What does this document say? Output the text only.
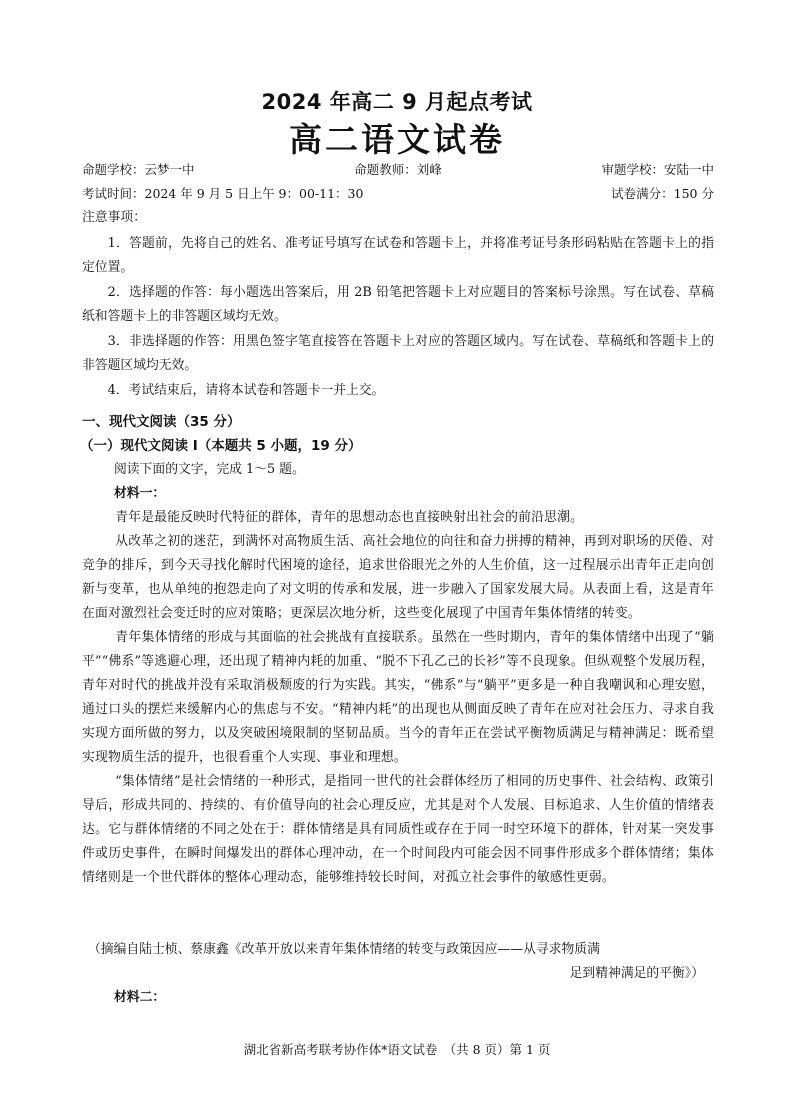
2024 年高二 9 月起点考试
高二语文试卷
命题学校：云梦一中	命题教师：刘峰	审题学校：安陆一中
考试时间：2024 年 9 月 5 日上午 9：00-11：30	试卷满分：150 分
注意事项：

1．答题前，先将自己的姓名、准考证号填写在试卷和答题卡上，并将准考证号条形码粘贴在答题卡上的指定位置。

2．选择题的作答：每小题选出答案后，用 2B 铅笔把答题卡上对应题目的答案标号涂黑。写在试卷、草稿纸和答题卡上的非答题区域均无效。

3．非选择题的作答：用黑色签字笔直接答在答题卡上对应的答题区域内。写在试卷、草稿纸和答题卡上的非答题区域均无效。

4．考试结束后，请将本试卷和答题卡一并上交。

一、现代文阅读（35 分）
（一）现代文阅读 I（本题共 5 小题，19 分）
阅读下面的文字，完成 1～5 题。
材料一：

青年是最能反映时代特征的群体，青年的思想动态也直接映射出社会的前沿思潮。

从改革之初的迷茫，到满怀对高物质生活、高社会地位的向往和奋力拼搏的精神，再到对职场的厌倦、对竞争的排斥，到今天寻找化解时代困境的途径，追求世俗眼光之外的人生价值，这一过程展示出青年正走向创新与变革，也从单纯的抱怨走向了对文明的传承和发展，进一步融入了国家发展大局。从表面上看，这是青年在面对激烈社会变迁时的应对策略；更深层次地分析，这些变化展现了中国青年集体情绪的转变。

青年集体情绪的形成与其面临的社会挑战有直接联系。虽然在一些时期内，青年的集体情绪中出现了“躺平”“佛系”等逃避心理，还出现了精神内耗的加重、“脱不下孔乙己的长衫”等不良现象。但纵观整个发展历程，青年对时代的挑战并没有采取消极颓废的行为实践。其实，“佛系”与“躺平”更多是一种自我嘲讽和心理安慰，通过口头的摆烂来缓解内心的焦虑与不安。“精神内耗”的出现也从侧面反映了青年在应对社会压力、寻求自我实现方面所做的努力，以及突破困境限制的坚韧品质。当今的青年正在尝试平衡物质满足与精神满足：既希望实现物质生活的提升，也很看重个人实现、事业和理想。

“集体情绪”是社会情绪的一种形式，是指同一世代的社会群体经历了相同的历史事件、社会结构、政策引导后，形成共同的、持续的、有价值导向的社会心理反应，尤其是对个人发展、目标追求、人生价值的情绪表达。它与群体情绪的不同之处在于：群体情绪是具有同质性或存在于同一时空环境下的群体，针对某一突发事件或历史事件，在瞬时间爆发出的群体心理冲动，在一个时间段内可能会因不同事件形成多个群体情绪；集体情绪则是一个世代群体的整体心理动态，能够维持较长时间，对孤立社会事件的敏感性更弱。

（摘编自陆士桢、蔡康鑫《改革开放以来青年集体情绪的转变与政策因应——从寻求物质满
足到精神满足的平衡》）
材料二：
湖北省新高考联考协作体*语文试卷　（共 8 页）第 1 页
